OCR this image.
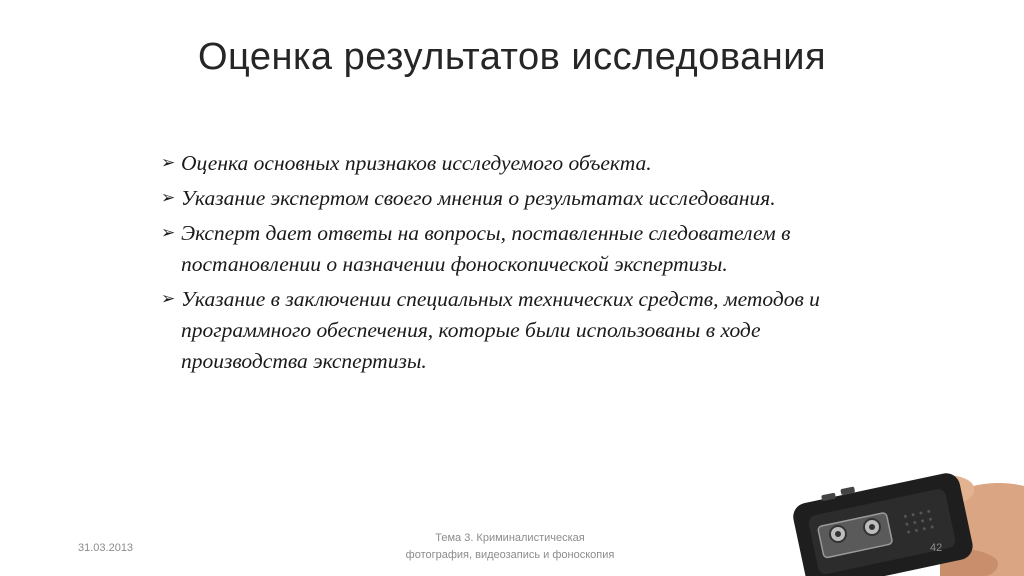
Оценка результатов исследования
➢ Оценка основных признаков исследуемого объекта.
➢ Указание экспертом своего мнения о результатах исследования.
➢ Эксперт дает ответы на вопросы, поставленные следователем в постановлении о назначении фоноскопической экспертизы.
➢ Указание в заключении специальных технических средств, методов и программного обеспечения, которые были использованы в ходе производства экспертизы.
31.03.2013
Тема 3. Криминалистическая
фотография, видеозапись и фоноскопия
42
